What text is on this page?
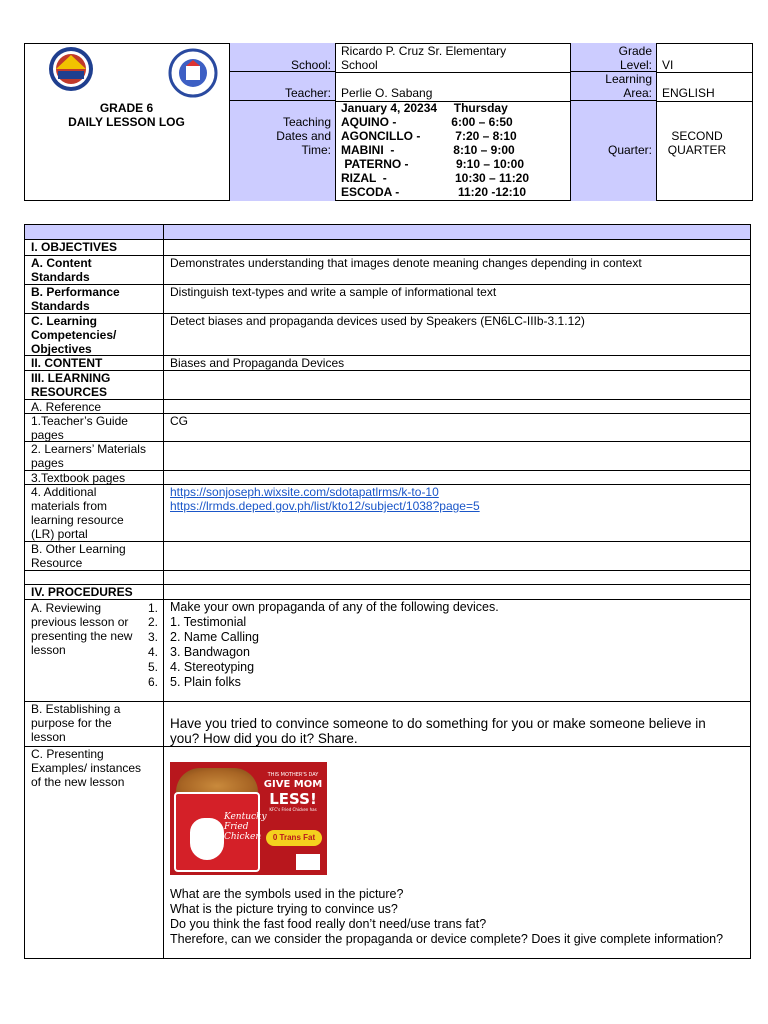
GRADE 6
DAILY LESSON LOG
School:
Ricardo P. Cruz Sr. Elementary
School
Grade
Level: VI
Teacher: Perlie O. Sabang
Learning
Area: ENGLISH
Teaching
Dates and
Time:
January 4, 20234     Thursday
AQUINO -
AGONCILLO -
MABINI  -
PATERNO -
RIZAL  -
ESCODA -
6:00 – 6:50
7:20 – 8:10
8:10 – 9:00
9:10 – 10:00
10:30 – 11:20
11:20 -12:10
Quarter:
SECOND
QUARTER
I. OBJECTIVES
A. Content
Standards
Demonstrates understanding that images denote meaning changes depending in context
B. Performance
Standards
Distinguish text-types and write a sample of informational text
C. Learning
Competencies/
Objectives
Detect biases and propaganda devices used by Speakers (EN6LC-IIIb-3.1.12)
II. CONTENT	Biases and Propaganda Devices
III. LEARNING
RESOURCES
A. Reference
1.Teacher’s Guide
pages
CG
2. Learners’ Materials
pages
3.Textbook pages
4. Additional
materials from
learning resource
(LR) portal
https://sonjoseph.wixsite.com/sdotapatlrms/k-to-10
https://lrmds.deped.gov.ph/list/kto12/subject/1038?page=5
B. Other Learning
Resource
IV. PROCEDURES
A. Reviewing
previous lesson or
presenting the new
lesson
1.
2.
3.
4.
5.
6.
Make your own propaganda of any of the following devices.
1. Testimonial
2. Name Calling
3. Bandwagon
4. Stereotyping
5. Plain folks
B. Establishing a
purpose for the
lesson
Have you tried to convince someone to do something for you or make someone believe in
you? How did you do it? Share.
C. Presenting
Examples/ instances
of the new lesson
Kentucky
Fried
Chicken
THIS MOTHER'S DAY
GIVE MOM
LESS!
KFC's Fried Chicken has
0 Trans Fat
What are the symbols used in the picture?
What is the picture trying to convince us?
Do you think the fast food really don’t need/use trans fat?
Therefore, can we consider the propaganda or device complete? Does it give complete information?
